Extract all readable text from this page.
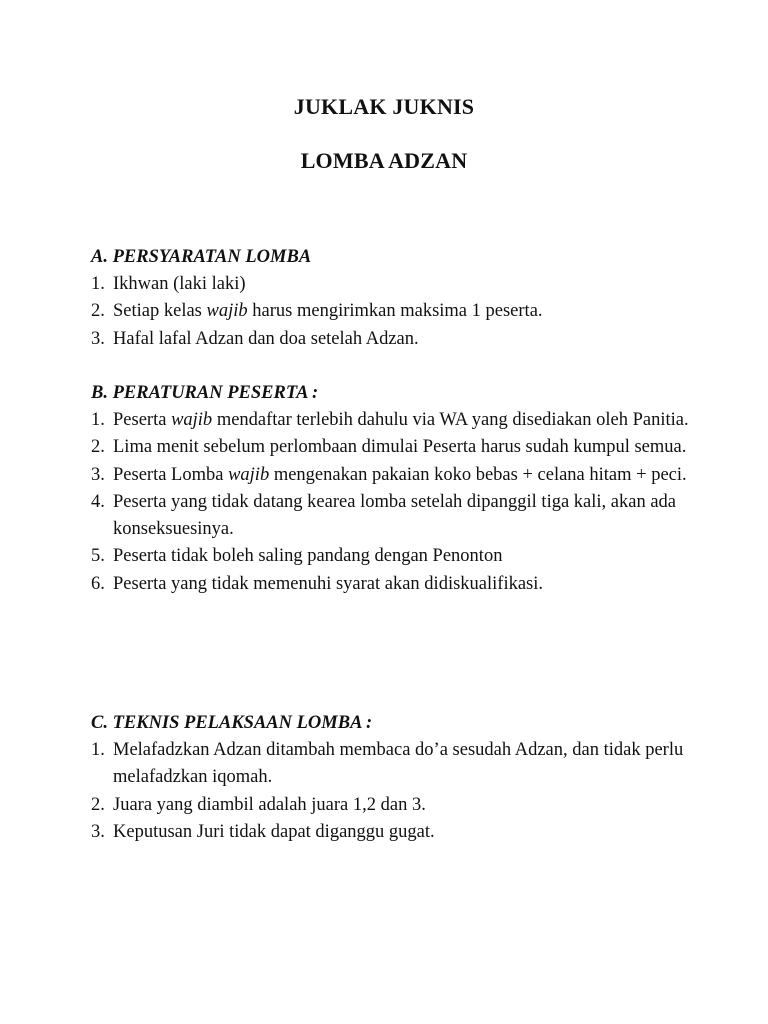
JUKLAK JUKNIS
LOMBA ADZAN
A. PERSYARATAN LOMBA
1. Ikhwan (laki laki)
2. Setiap kelas wajib harus mengirimkan maksima 1 peserta.
3. Hafal lafal Adzan dan doa setelah Adzan.
B. PERATURAN PESERTA :
1. Peserta wajib mendaftar terlebih dahulu via WA yang disediakan oleh Panitia.
2. Lima menit sebelum perlombaan dimulai Peserta harus sudah kumpul semua.
3. Peserta Lomba wajib mengenakan pakaian koko bebas + celana hitam + peci.
4. Peserta yang tidak datang kearea lomba setelah dipanggil tiga kali, akan ada konseksuesinya.
5. Peserta tidak boleh saling pandang dengan Penonton
6. Peserta yang tidak memenuhi syarat akan didiskualifikasi.
C. TEKNIS PELAKSAAN LOMBA :
1. Melafadzkan Adzan ditambah membaca do’a sesudah Adzan, dan tidak perlu melafadzkan iqomah.
2. Juara yang diambil adalah juara 1,2 dan 3.
3. Keputusan Juri tidak dapat diganggu gugat.
